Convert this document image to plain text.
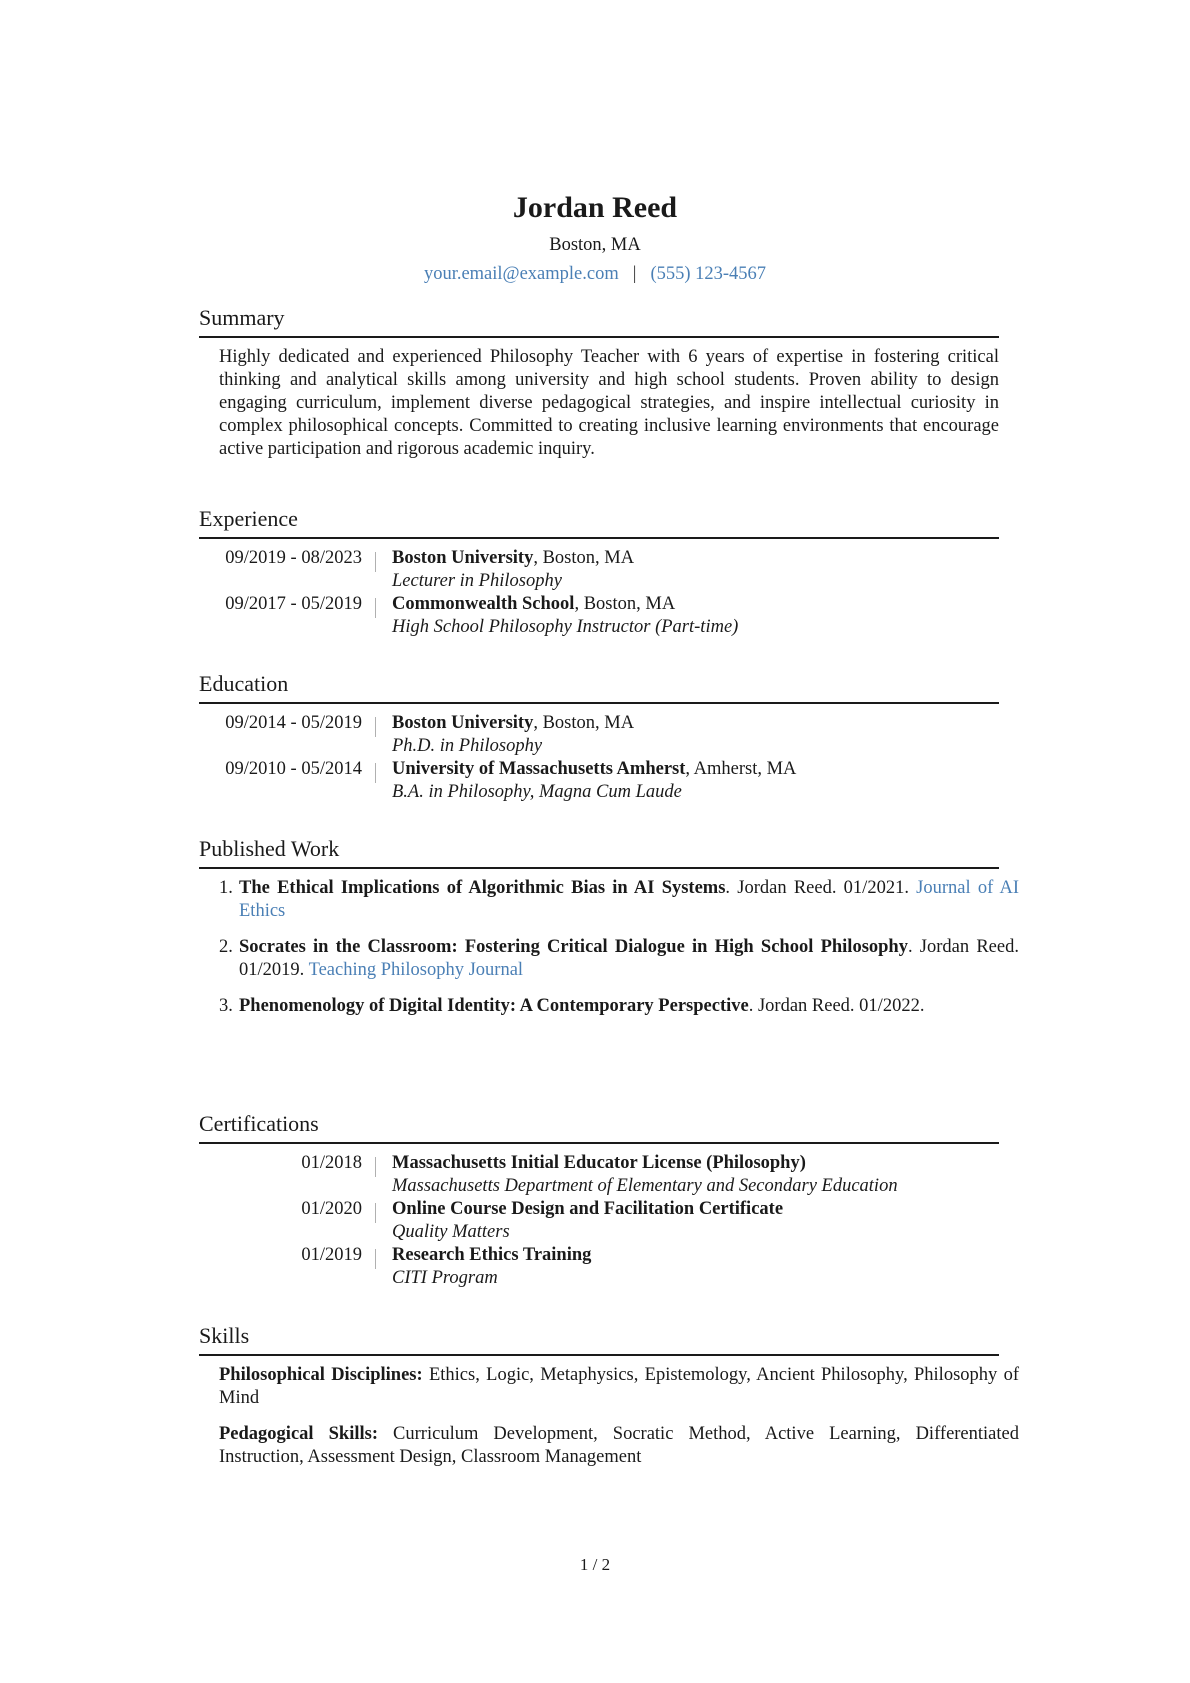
Jordan Reed
Boston, MA
your.email@example.com | (555) 123-4567
Summary
Highly dedicated and experienced Philosophy Teacher with 6 years of expertise in fostering critical thinking and analytical skills among university and high school students. Proven ability to design engaging curriculum, implement diverse pedagogical strategies, and inspire intellectual curiosity in complex philosophical concepts. Committed to creating inclusive learning environments that encourage active participation and rigorous academic inquiry.
Experience
09/2019 - 08/2023	Boston University, Boston, MA
Lecturer in Philosophy
09/2017 - 05/2019	Commonwealth School, Boston, MA
High School Philosophy Instructor (Part-time)
Education
09/2014 - 05/2019	Boston University, Boston, MA
Ph.D. in Philosophy
09/2010 - 05/2014	University of Massachusetts Amherst, Amherst, MA
B.A. in Philosophy, Magna Cum Laude
Published Work
1. The Ethical Implications of Algorithmic Bias in AI Systems. Jordan Reed. 01/2021. Journal of AI Ethics
2. Socrates in the Classroom: Fostering Critical Dialogue in High School Philosophy. Jordan Reed. 01/2019. Teaching Philosophy Journal
3. Phenomenology of Digital Identity: A Contemporary Perspective. Jordan Reed. 01/2022.
Certifications
01/2018	Massachusetts Initial Educator License (Philosophy)
Massachusetts Department of Elementary and Secondary Education
01/2020	Online Course Design and Facilitation Certificate
Quality Matters
01/2019	Research Ethics Training
CITI Program
Skills
Philosophical Disciplines: Ethics, Logic, Metaphysics, Epistemology, Ancient Philosophy, Philosophy of Mind
Pedagogical Skills: Curriculum Development, Socratic Method, Active Learning, Differentiated Instruction, Assessment Design, Classroom Management
1 / 2
